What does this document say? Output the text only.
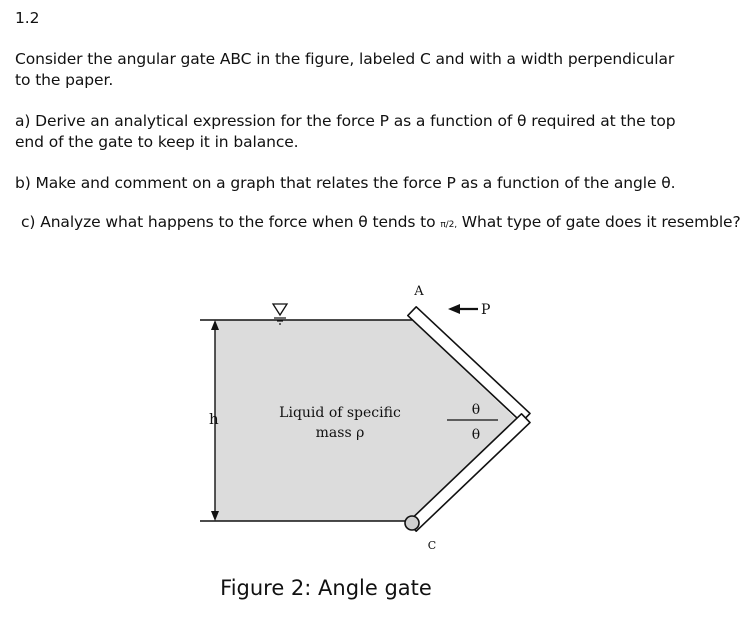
1.2

Consider the angular gate ABC in the figure, labeled C and with a width perpendicular to the paper.

a) Derive an analytical expression for the force P as a function of θ required at the top end of the gate to keep it in balance.

b) Make and comment on a graph that relates the force P as a function of the angle θ.

c) Analyze what happens to the force when θ tends to π/2, What type of gate does it resemble?

A
P
h	θ
θ
Liquid of specific
mass ρ
C
Figure 2: Angle gate
